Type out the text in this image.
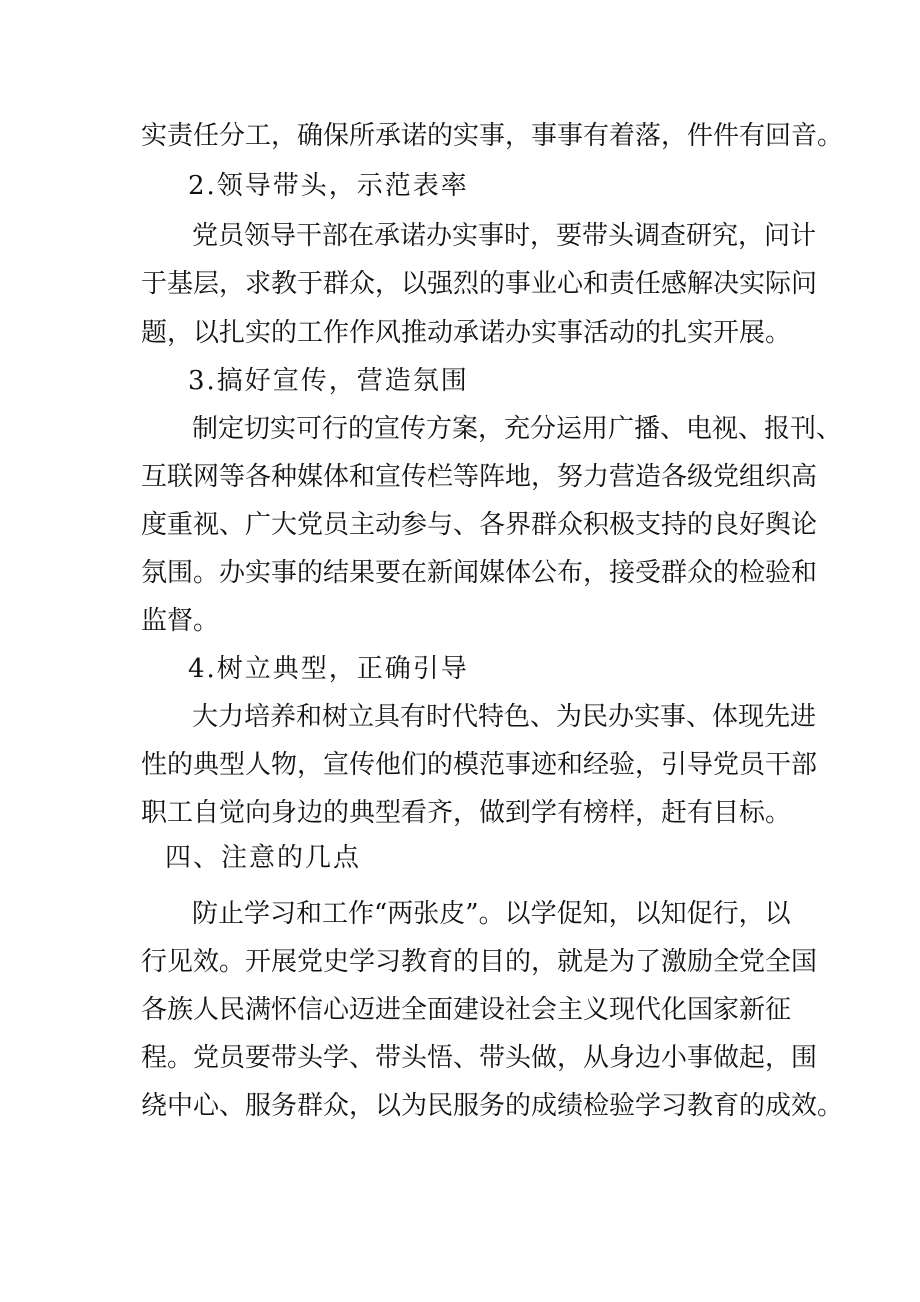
实责任分工，确保所承诺的实事，事事有着落，件件有回音。
2.领导带头，示范表率
党员领导干部在承诺办实事时，要带头调查研究，问计
于基层，求教于群众，以强烈的事业心和责任感解决实际问
题，以扎实的工作作风推动承诺办实事活动的扎实开展。
3.搞好宣传，营造氛围
制定切实可行的宣传方案，充分运用广播、电视、报刊、
互联网等各种媒体和宣传栏等阵地，努力营造各级党组织高
度重视、广大党员主动参与、各界群众积极支持的良好舆论
氛围。办实事的结果要在新闻媒体公布，接受群众的检验和
监督。
4.树立典型，正确引导
大力培养和树立具有时代特色、为民办实事、体现先进
性的典型人物，宣传他们的模范事迹和经验，引导党员干部
职工自觉向身边的典型看齐，做到学有榜样，赶有目标。
四、注意的几点
防止学习和工作“两张皮”。以学促知，以知促行，以
行见效。开展党史学习教育的目的，就是为了激励全党全国
各族人民满怀信心迈进全面建设社会主义现代化国家新征
程。党员要带头学、带头悟、带头做，从身边小事做起，围
绕中心、服务群众，以为民服务的成绩检验学习教育的成效。
